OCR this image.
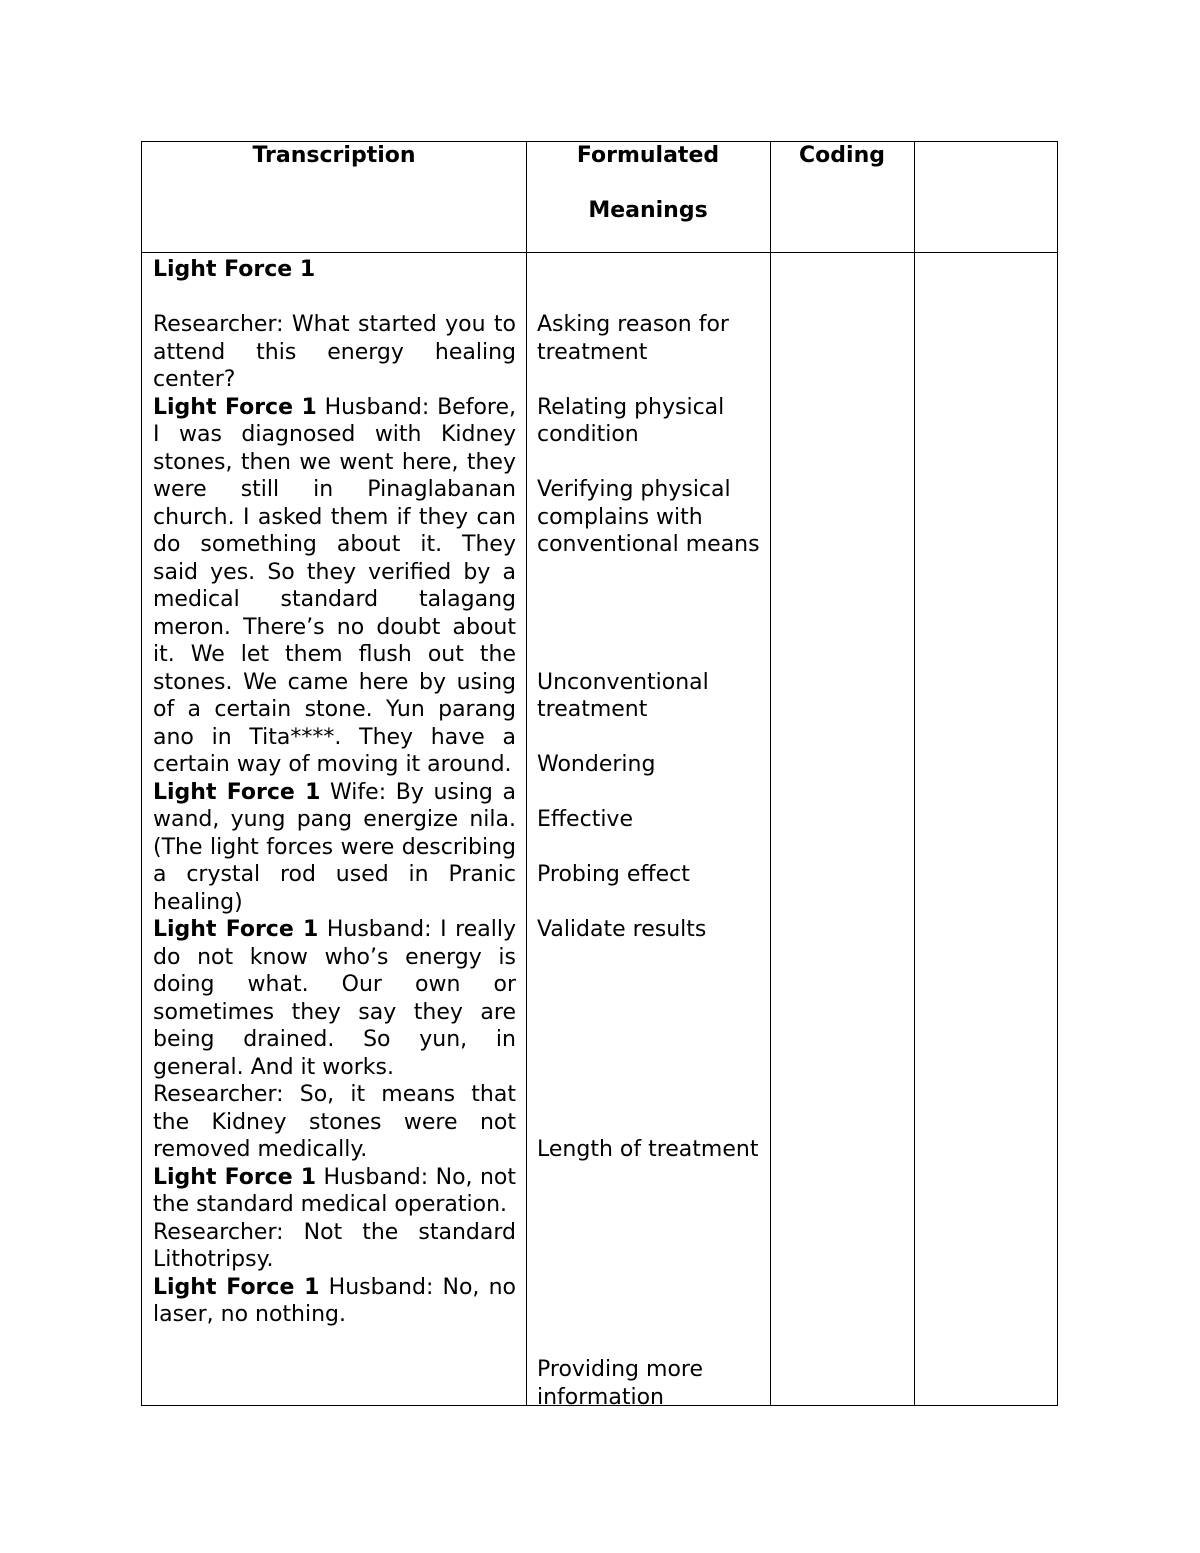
Transcription	Formulated
Meanings
Coding

Light Force 1

Researcher: What started you to attend this energy healing center?

Light Force 1 Husband: Before, I was diagnosed with Kidney stones, then we went here, they were still in Pinaglabanan church. I asked them if they can do something about it. They said yes. So they verified by a medical standard talagang meron. There’s no doubt about it. We let them flush out the stones. We came here by using of a certain stone. Yun parang ano in Tita****. They have a certain way of moving it around.

Light Force 1 Wife: By using a wand, yung pang energize nila.(The light forces were describing a crystal rod used in Pranic healing)

Light Force 1 Husband: I really do not know who’s energy is doing what. Our own or sometimes they say they are being drained. So yun, in general. And it works.

Researcher: So, it means that the Kidney stones were not removed medically.

Light Force 1 Husband: No, not the standard medical operation.

Researcher: Not the standard Lithotripsy.

Light Force 1 Husband: No, no laser, no nothing.

Asking reason for treatment
Relating physical condition
Verifying physical complains with conventional means
Unconventional treatment
Wondering
Effective
Probing effect
Validate results
Length of treatment
Providing more information
